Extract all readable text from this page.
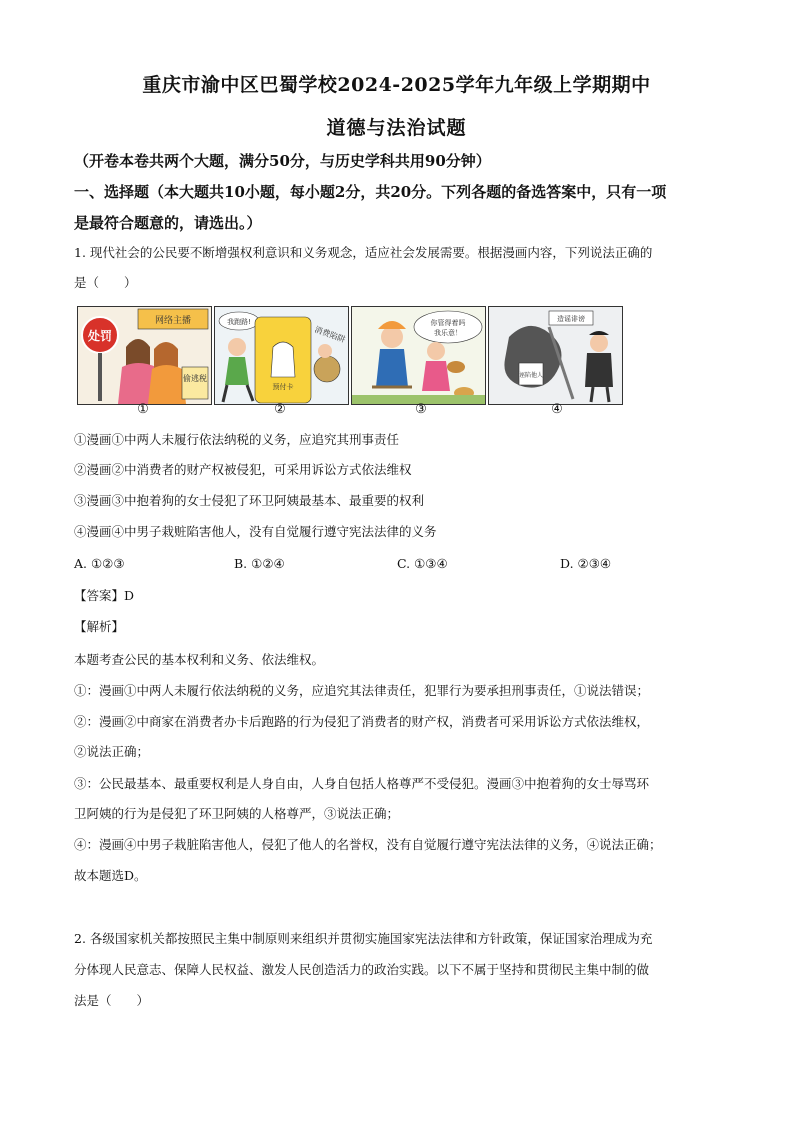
重庆市渝中区巴蜀学校2024-2025学年九年级上学期期中
道德与法治试题
（开卷本卷共两个大题，满分50分，与历史学科共用90分钟）
一、选择题（本大题共10小题，每小题2分，共20分。下列各题的备选答案中，只有一项
是最符合题意的，请选出。）
1. 现代社会的公民要不断增强权利意识和义务观念，适应社会发展需要。根据漫画内容，下列说法正确的
是（　　）
网络主播
处罚
偷逃税
我跑路!
预付卡
消费陷阱
你管得着吗
我乐意！
造谣诽谤
诬陷他人
①	②	③	④
①漫画①中两人未履行依法纳税的义务，应追究其刑事责任
②漫画②中消费者的财产权被侵犯，可采用诉讼方式依法维权
③漫画③中抱着狗的女士侵犯了环卫阿姨最基本、最重要的权利
④漫画④中男子栽赃陷害他人，没有自觉履行遵守宪法法律的义务
A. ①②③	B. ①②④	C. ①③④	D. ②③④
【答案】D
【解析】
本题考查公民的基本权利和义务、依法维权。
①：漫画①中两人未履行依法纳税的义务，应追究其法律责任，犯罪行为要承担刑事责任，①说法错误；
②：漫画②中商家在消费者办卡后跑路的行为侵犯了消费者的财产权，消费者可采用诉讼方式依法维权，
②说法正确；
③：公民最基本、最重要权利是人身自由，人身自包括人格尊严不受侵犯。漫画③中抱着狗的女士辱骂环
卫阿姨的行为是侵犯了环卫阿姨的人格尊严，③说法正确；
④：漫画④中男子栽脏陷害他人，侵犯了他人的名誉权，没有自觉履行遵守宪法法律的义务，④说法正确；
故本题选D。
2. 各级国家机关都按照民主集中制原则来组织并贯彻实施国家宪法法律和方针政策，保证国家治理成为充
分体现人民意志、保障人民权益、激发人民创造活力的政治实践。以下不属于坚持和贯彻民主集中制的做
法是（　　）
